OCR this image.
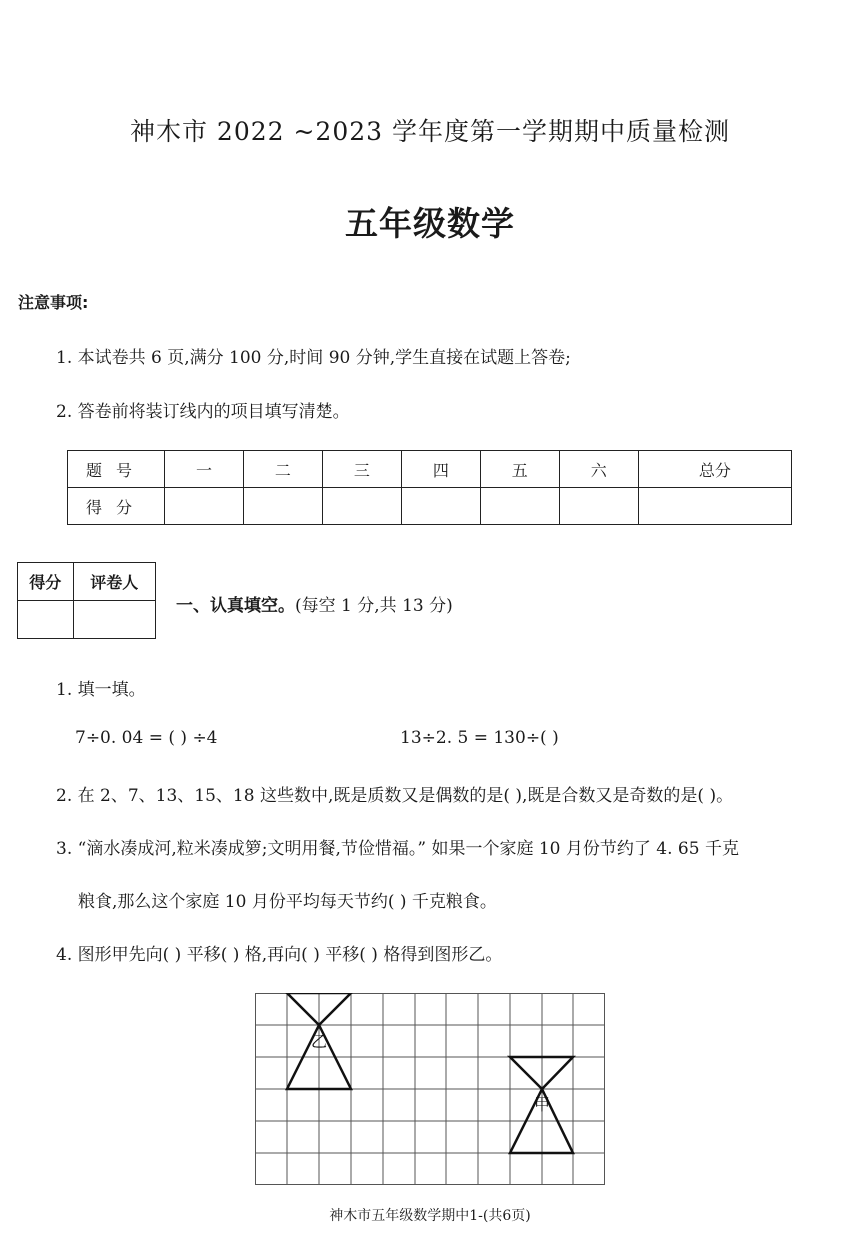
神木市 2022 ~2023 学年度第一学期期中质量检测
五年级数学
注意事项:
1. 本试卷共 6 页,满分 100 分,时间 90 分钟,学生直接在试题上答卷;
2. 答卷前将装订线内的项目填写清楚。
题号	一	二	三	四	五	六	总分
得分							
得分	评卷人

一、认真填空。(每空 1 分,共 13 分)
1. 填一填。
7÷0. 04 = ( ) ÷4	13÷2. 5 = 130÷( )
2. 在 2、7、13、15、18 这些数中,既是质数又是偶数的是( ),既是合数又是奇数的是( )。
3. “滴水凑成河,粒米凑成箩;文明用餐,节俭惜福。” 如果一个家庭 10 月份节约了 4. 65 千克
粮食,那么这个家庭 10 月份平均每天节约( ) 千克粮食。
4. 图形甲先向( ) 平移( ) 格,再向( ) 平移( ) 格得到图形乙。
乙
甲
神木市五年级数学期中1-(共6页)
